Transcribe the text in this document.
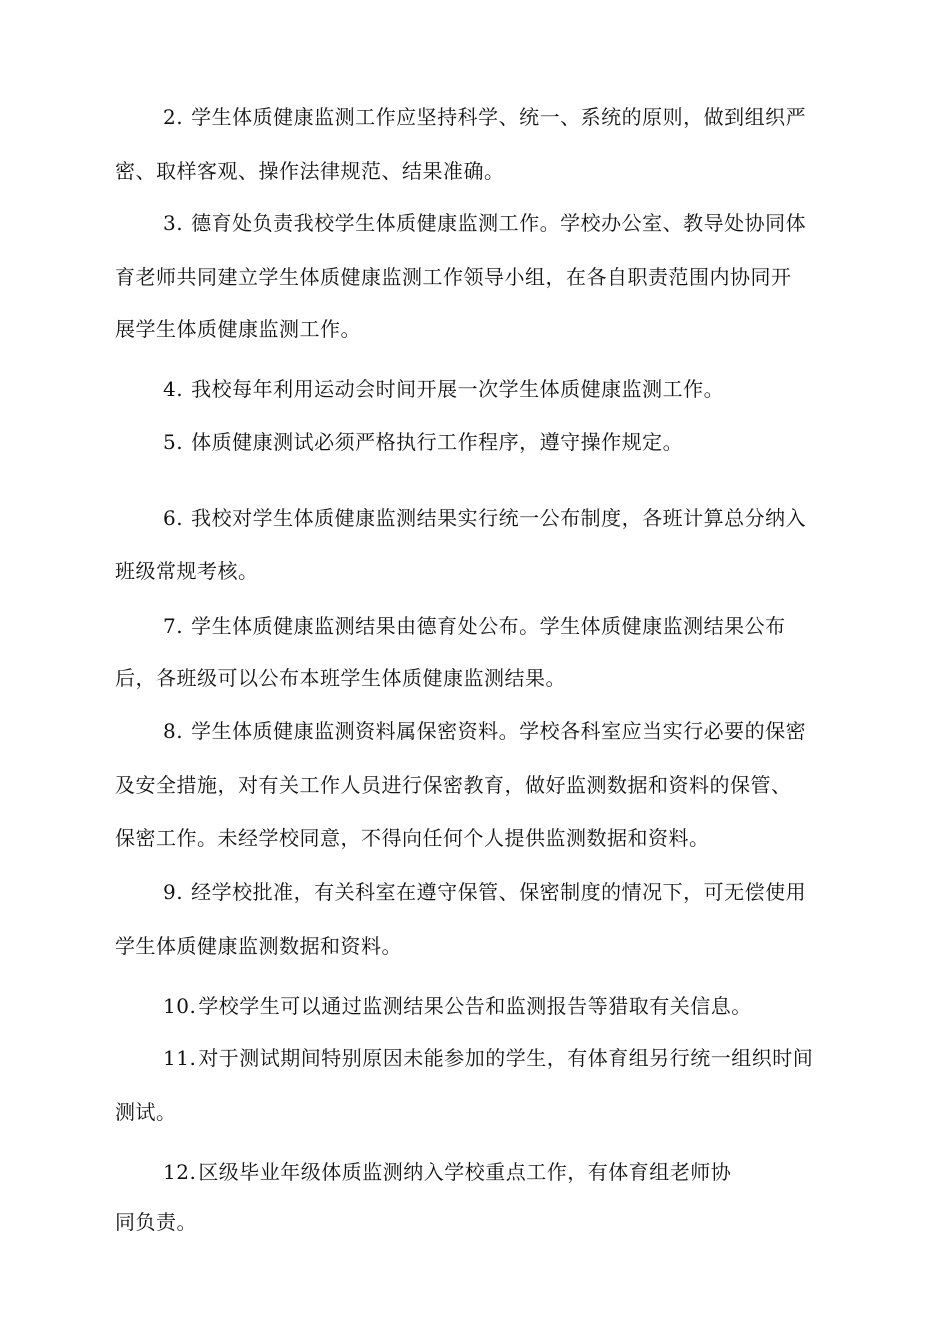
2. 学生体质健康监测工作应坚持科学、统一、系统的原则，做到组织严

密、取样客观、操作法律规范、结果准确。

3. 德育处负责我校学生体质健康监测工作。学校办公室、教导处协同体

育老师共同建立学生体质健康监测工作领导小组，在各自职责范围内协同开

展学生体质健康监测工作。

4. 我校每年利用运动会时间开展一次学生体质健康监测工作。

5. 体质健康测试必须严格执行工作程序，遵守操作规定。

6. 我校对学生体质健康监测结果实行统一公布制度，各班计算总分纳入

班级常规考核。

7. 学生体质健康监测结果由德育处公布。学生体质健康监测结果公布

后，各班级可以公布本班学生体质健康监测结果。

8. 学生体质健康监测资料属保密资料。学校各科室应当实行必要的保密

及安全措施，对有关工作人员进行保密教育，做好监测数据和资料的保管、

保密工作。未经学校同意，不得向任何个人提供监测数据和资料。

9. 经学校批准，有关科室在遵守保管、保密制度的情况下，可无偿使用

学生体质健康监测数据和资料。

10. 学校学生可以通过监测结果公告和监测报告等猎取有关信息。

11. 对于测试期间特别原因未能参加的学生，有体育组另行统一组织时间

测试。

12. 区级毕业年级体质监测纳入学校重点工作，有体育组老师协

同负责。
